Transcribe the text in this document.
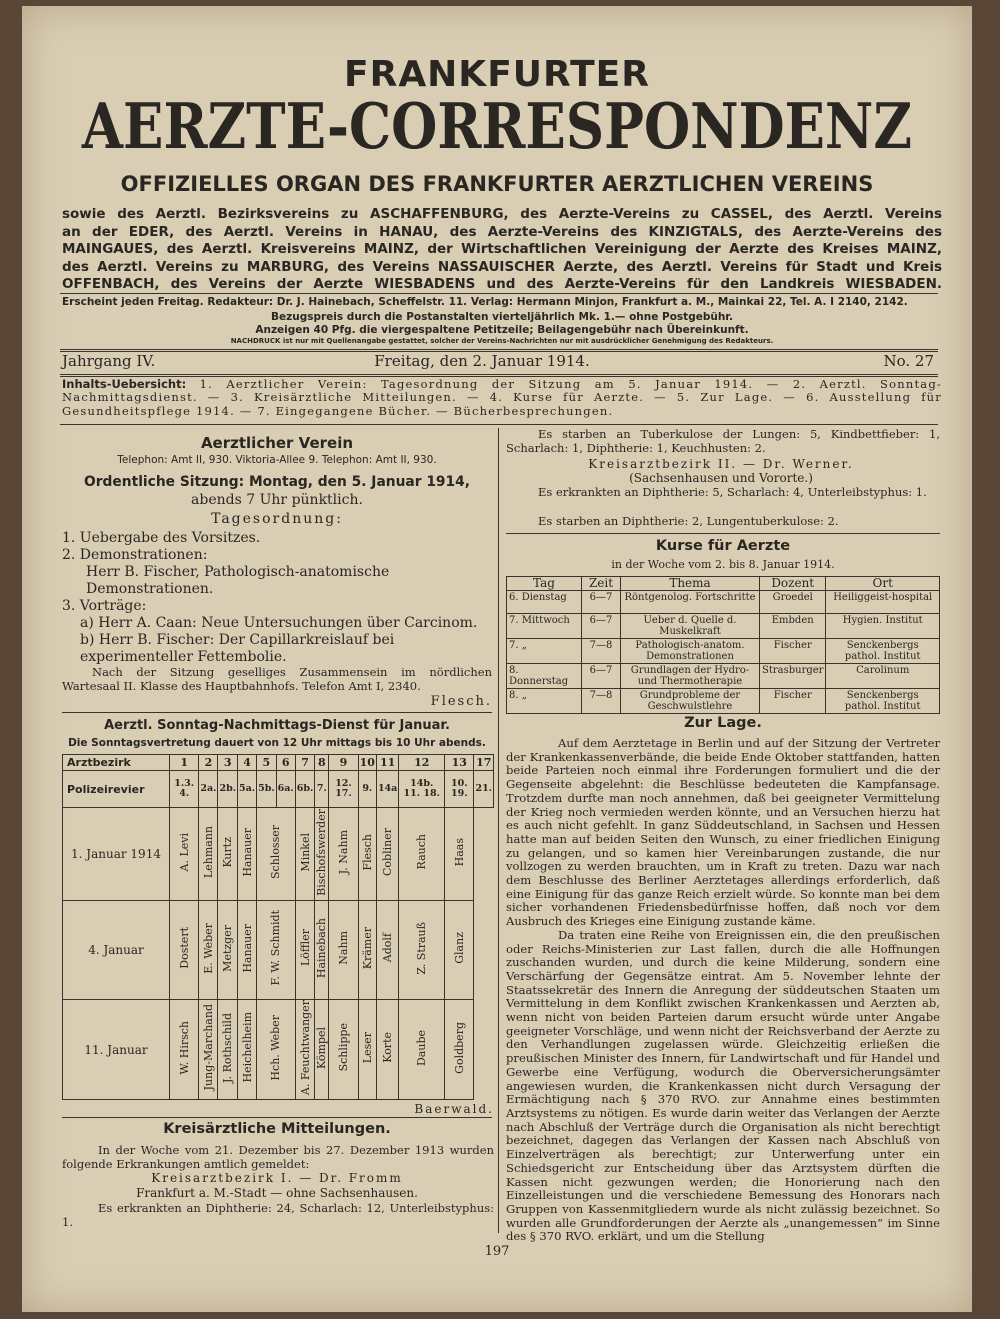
FRANKFURTER
AERZTE-CORRESPONDENZ
OFFIZIELLES ORGAN DES FRANKFURTER AERZTLICHEN VEREINS
sowie des Aerztl. Bezirksvereins zu ASCHAFFENBURG, des Aerzte-Vereins zu CASSEL, des Aerztl. Vereins
an der EDER, des Aerztl. Vereins in HANAU, des Aerzte-Vereins des KINZIGTALS, des Aerzte-Vereins des
MAINGAUES, des Aerztl. Kreisvereins MAINZ, der Wirtschaftlichen Vereinigung der Aerzte des Kreises MAINZ,
des Aerztl. Vereins zu MARBURG, des Vereins NASSAUISCHER Aerzte, des Aerztl. Vereins für Stadt und Kreis
OFFENBACH, des Vereins der Aerzte WIESBADENS und des Aerzte-Vereins für den Landkreis WIESBADEN.
Erscheint jeden Freitag. Redakteur: Dr. J. Hainebach, Scheffelstr. 11. Verlag: Hermann Minjon, Frankfurt a. M., Mainkai 22, Tel. A. I 2140, 2142.
Bezugspreis durch die Postanstalten vierteljährlich Mk. 1.— ohne Postgebühr.
Anzeigen 40 Pfg. die viergespaltene Petitzeile; Beilagengebühr nach Übereinkunft.
NACHDRUCK ist nur mit Quellenangabe gestattet, solcher der Vereins-Nachrichten nur mit ausdrücklicher Genehmigung des Redakteurs.
Jahrgang IV.	Freitag, den 2. Januar 1914.	No. 27
Inhalts-Uebersicht: 1. Aerztlicher Verein: Tagesordnung der Sitzung am 5. Januar 1914. — 2. Aerztl. Sonntag-Nachmittagsdienst. — 3. Kreisärztliche Mitteilungen. — 4. Kurse für Aerzte. — 5. Zur Lage. — 6. Ausstellung für Gesundheitspflege 1914. — 7. Eingegangene Bücher. — Bücherbesprechungen.
Aerztlicher Verein
Telephon: Amt II, 930. Viktoria-Allee 9. Telephon: Amt II, 930.
Ordentliche Sitzung: Montag, den 5. Januar 1914,
abends 7 Uhr pünktlich.
Tagesordnung:
1. Uebergabe des Vorsitzes.
2. Demonstrationen:
Herr B. Fischer, Pathologisch-anatomische Demonstrationen.
3. Vorträge:
a) Herr A. Caan: Neue Untersuchungen über Carcinom.
b) Herr B. Fischer: Der Capillarkreislauf bei experimenteller Fettembolie.
Nach der Sitzung geselliges Zusammensein im nördlichen Wartesaal II. Klasse des Hauptbahnhofs. Telefon Amt I, 2340.
Flesch.
Aerztl. Sonntag-Nachmittags-Dienst für Januar.
Die Sonntagsvertretung dauert von 12 Uhr mittags bis 10 Uhr abends.
Arztbezirk	1	2	3	4	5	6	7	8	9	10	11	12	13	17
Polizeirevier	1.3. 4.	2a.	2b.	5a.	5b.	6a.	6b.	7.	12. 17.	9.	14a	14b. 11. 18.	10. 19.	21.
1. Januar 1914	A. Levi	Lehmann	Kurtz	Hanauer	Schlosser		Minkel	Bischofswerder	J. Nahm	Flesch	Cobliner	Rauch	Haas	
4. Januar	Dostert	E. Weber	Metzger	Hanauer	F. W. Schmidt		Löffler	Hainebach	Nahm	Krämer	Adolf	Z. Strauß	Glanz	
11. Januar	W. Hirsch	Jung-Marchand	J. Rothschild	Heichelheim	Hch. Weber		A. Feuchtwanger	Kömpel	Schlippe	Leser	Korte	Daube	Goldberg	
Baerwald.
Kreisärztliche Mitteilungen.
In der Woche vom 21. Dezember bis 27. Dezember 1913 wurden folgende Erkrankungen amtlich gemeldet:
Kreisarztbezirk I. — Dr. Fromm
Frankfurt a. M.-Stadt — ohne Sachsenhausen.
Es erkrankten an Diphtherie: 24, Scharlach: 12, Unterleibstyphus: 1.
Es starben an Tuberkulose der Lungen: 5, Kindbettfieber: 1, Scharlach: 1, Diphtherie: 1, Keuchhusten: 2.
Kreisarztbezirk II. — Dr. Werner.
(Sachsenhausen und Vororte.)
Es erkrankten an Diphtherie: 5, Scharlach: 4, Unterleibstyphus: 1.
Es starben an Diphtherie: 2, Lungentuberkulose: 2.
Kurse für Aerzte
in der Woche vom 2. bis 8. Januar 1914.
Tag	Zeit	Thema	Dozent	Ort
6. Dienstag	6—7	Röntgenolog. Fortschritte	Groedel	Heiliggeist-hospital
7. Mittwoch	6—7	Ueber d. Quelle d. Muskelkraft	Embden	Hygien. Institut
7. „	7—8	Pathologisch-anatom. Demonstrationen	Fischer	Senckenbergs pathol. Institut
8. Donnerstag	6—7	Grundlagen der Hydro- und Thermotherapie	Strasburger	Carolinum
8. „	7—8	Grundprobleme der Geschwulstlehre	Fischer	Senckenbergs pathol. Institut
Zur Lage.

Auf dem Aerztetage in Berlin und auf der Sitzung der Vertreter der Krankenkassenverbände, die beide Ende Oktober stattfanden, hatten beide Parteien noch einmal ihre Forderungen formuliert und die der Gegenseite abgelehnt: die Beschlüsse bedeuteten die Kampfansage. Trotzdem durfte man noch annehmen, daß bei geeigneter Vermittelung der Krieg noch vermieden werden könnte, und an Versuchen hierzu hat es auch nicht gefehlt. In ganz Süddeutschland, in Sachsen und Hessen hatte man auf beiden Seiten den Wunsch, zu einer friedlichen Einigung zu gelangen, und so kamen hier Vereinbarungen zustande, die nur vollzogen zu werden brauchten, um in Kraft zu treten. Dazu war nach dem Beschlusse des Berliner Aerztetages allerdings erforderlich, daß eine Einigung für das ganze Reich erzielt würde. So konnte man bei dem sicher vorhandenen Friedensbedürfnisse hoffen, daß noch vor dem Ausbruch des Krieges eine Einigung zustande käme.

Da traten eine Reihe von Ereignissen ein, die den preußischen oder Reichs-Ministerien zur Last fallen, durch die alle Hoffnungen zuschanden wurden, und durch die keine Milderung, sondern eine Verschärfung der Gegensätze eintrat. Am 5. November lehnte der Staatssekretär des Innern die Anregung der süddeutschen Staaten um Vermittelung in dem Konflikt zwischen Krankenkassen und Aerzten ab, wenn nicht von beiden Parteien darum ersucht würde unter Angabe geeigneter Vorschläge, und wenn nicht der Reichsverband der Aerzte zu den Verhandlungen zugelassen würde. Gleichzeitig erließen die preußischen Minister des Innern, für Landwirtschaft und für Handel und Gewerbe eine Verfügung, wodurch die Oberversicherungsämter angewiesen wurden, die Krankenkassen nicht durch Versagung der Ermächtigung nach § 370 RVO. zur Annahme eines bestimmten Arztsystems zu nötigen. Es wurde darin weiter das Verlangen der Aerzte nach Abschluß der Verträge durch die Organisation als nicht berechtigt bezeichnet, dagegen das Verlangen der Kassen nach Abschluß von Einzelverträgen als berechtigt; zur Unterwerfung unter ein Schiedsgericht zur Entscheidung über das Arztsystem dürften die Kassen nicht gezwungen werden; die Honorierung nach den Einzelleistungen und die verschiedene Bemessung des Honorars nach Gruppen von Kassenmitgliedern wurde als nicht zulässig bezeichnet. So wurden alle Grundforderungen der Aerzte als „unangemessen“ im Sinne des § 370 RVO. erklärt, und um die Stellung

197
